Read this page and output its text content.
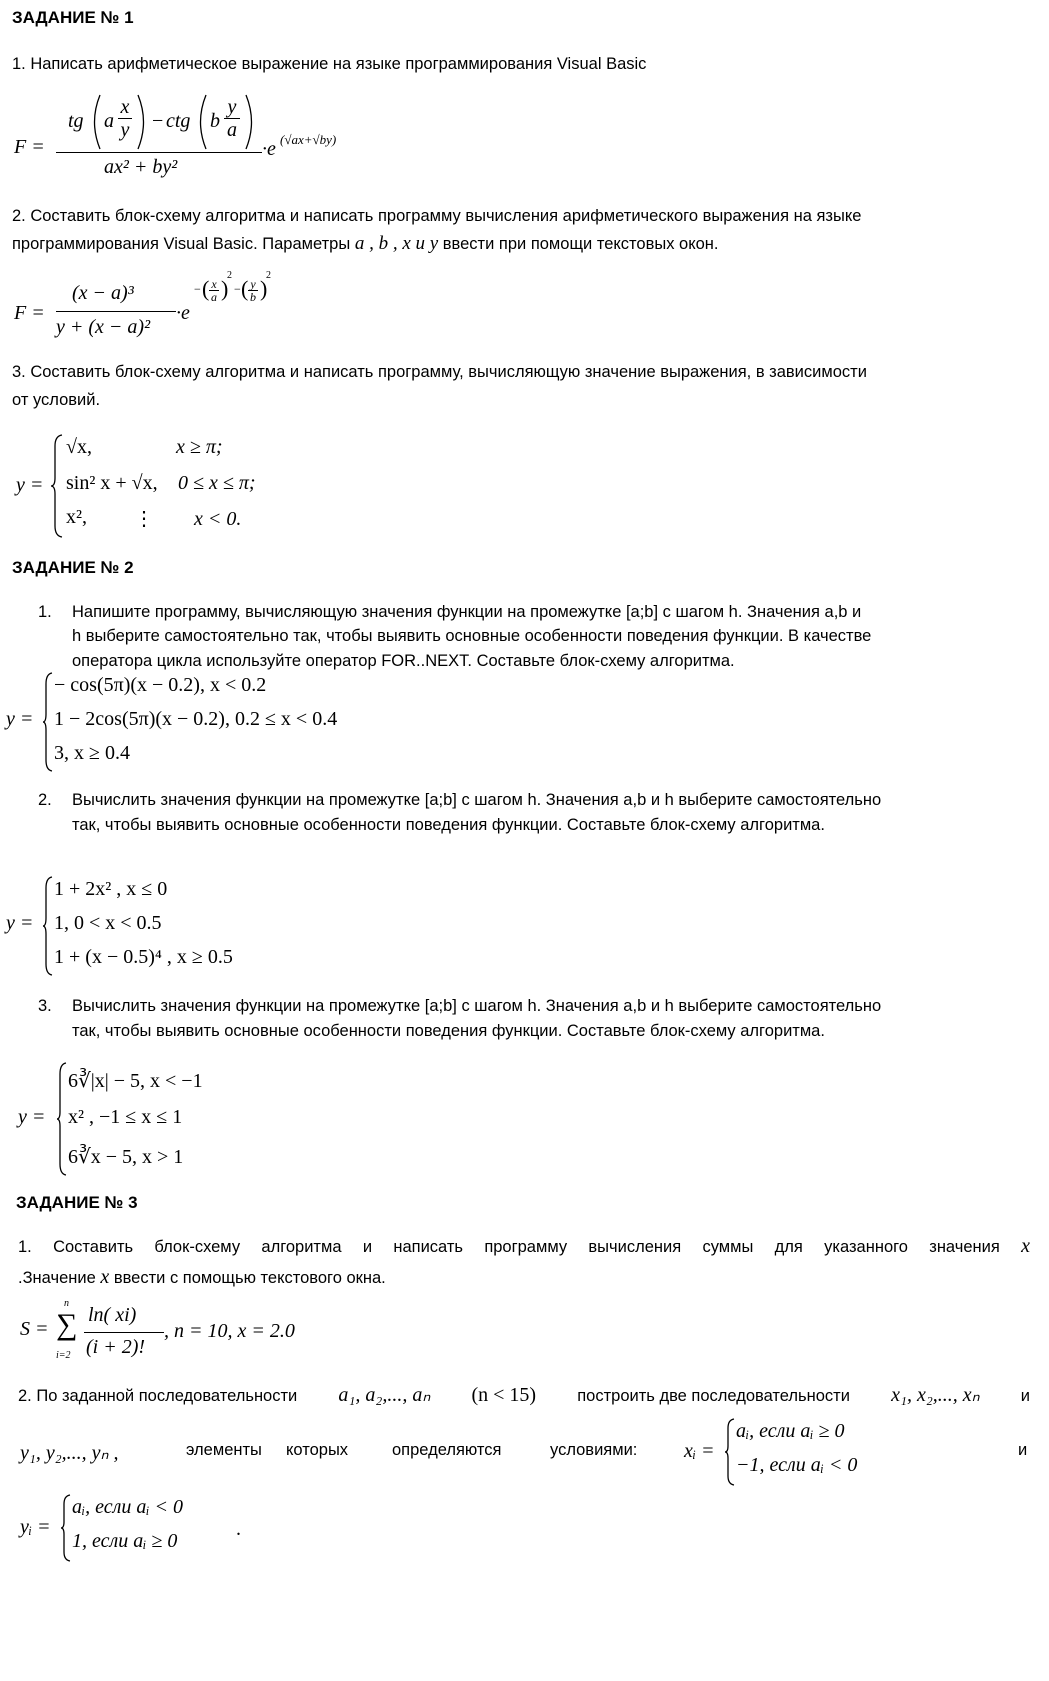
ЗАДАНИЕ № 1
1. Написать арифметическое выражение на языке программирования Visual Basic
F =
tg a
x
y − ctg b
y
a
ax² + by²
·e (√ax+√by)
2. Составить блок-схему алгоритма и написать программу вычисления арифметического выражения на языке
программирования Visual Basic. Параметры a , b , x и y ввести при помощи текстовых окон.
F =
(x − a)³
y + (x − a)²
·e
− ( x
a )
2
− ( y
b )
2
3. Составить блок-схему алгоритма и написать программу, вычисляющую значение выражения, в зависимости
от условий.
y =
√x,	x ≥ π;
sin² x + √x, 0 ≤ x ≤ π;
x², ⋮ x < 0.
ЗАДАНИЕ № 2
1. Напишите программу, вычисляющую значения функции на промежутке [a;b] с шагом h. Значения a,b и
h выберите самостоятельно так, чтобы выявить основные особенности поведения функции. В качестве
оператора цикла используйте оператор FOR..NEXT. Составьте блок-схему алгоритма.
y =
− cos(5π)(x − 0.2), x < 0.2
1 − 2cos(5π)(x − 0.2), 0.2 ≤ x < 0.4
3, x ≥ 0.4
2. Вычислить значения функции на промежутке [a;b] с шагом h. Значения a,b и h выберите самостоятельно
так, чтобы выявить основные особенности поведения функции. Составьте блок-схему алгоритма.
y =
1 + 2x² , x ≤ 0
1, 0 < x < 0.5
1 + (x − 0.5)⁴ , x ≥ 0.5
3. Вычислить значения функции на промежутке [a;b] с шагом h. Значения a,b и h выберите самостоятельно
так, чтобы выявить основные особенности поведения функции. Составьте блок-схему алгоритма.
y =
6∛|x| − 5, x < −1
x² , −1 ≤ x ≤ 1
6∛x − 5, x > 1
ЗАДАНИЕ № 3
1. Составить блок-схему алгоритма и написать программу вычисления суммы для указанного значения x
.Значение x ввести с помощью текстового окна.
S =
n
∑
i=2
ln( xi)
(i + 2)!
, n = 10, x = 2.0
2. По заданной последовательности a₁, a₂,..., aₙ (n < 15) построить две последовательности x₁, x₂,..., xₙ и
y₁, y₂,..., yₙ ,	элементы которых	определяются	условиями: xᵢ =
aᵢ, если aᵢ ≥ 0
−1, если aᵢ < 0
и
yᵢ =
aᵢ, если aᵢ < 0
1, если aᵢ ≥ 0
.
